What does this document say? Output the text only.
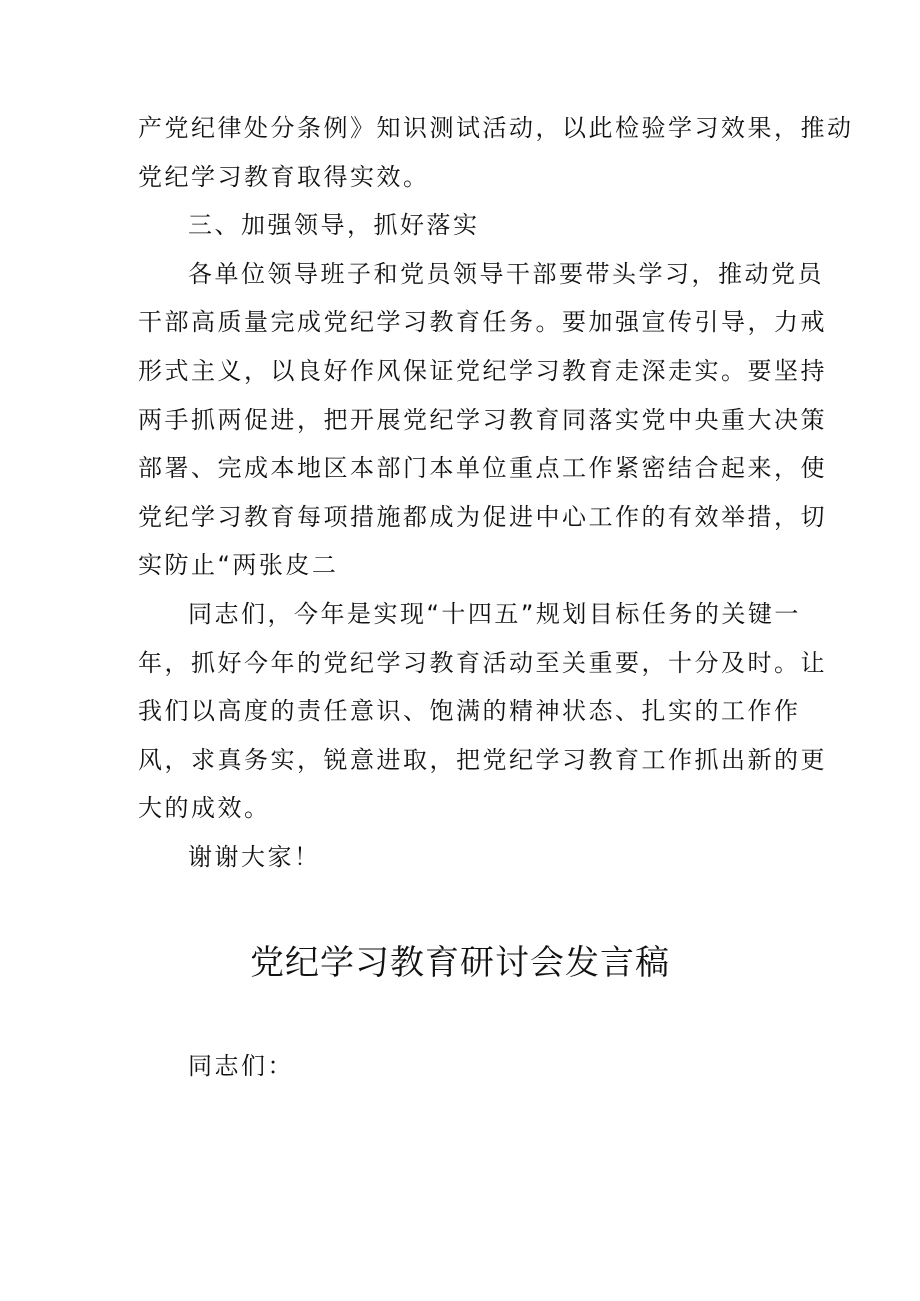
产党纪律处分条例》知识测试活动，以此检验学习效果，推动
党纪学习教育取得实效。
三、加强领导，抓好落实
各单位领导班子和党员领导干部要带头学习，推动党员
干部高质量完成党纪学习教育任务。要加强宣传引导，力戒
形式主义，以良好作风保证党纪学习教育走深走实。要坚持
两手抓两促进，把开展党纪学习教育同落实党中央重大决策
部署、完成本地区本部门本单位重点工作紧密结合起来，使
党纪学习教育每项措施都成为促进中心工作的有效举措，切
实防止“两张皮二
同志们，今年是实现“十四五”规划目标任务的关键一
年，抓好今年的党纪学习教育活动至关重要，十分及时。让
我们以高度的责任意识、饱满的精神状态、扎实的工作作
风，求真务实，锐意进取，把党纪学习教育工作抓出新的更
大的成效。
谢谢大家！
党纪学习教育研讨会发言稿
同志们：
